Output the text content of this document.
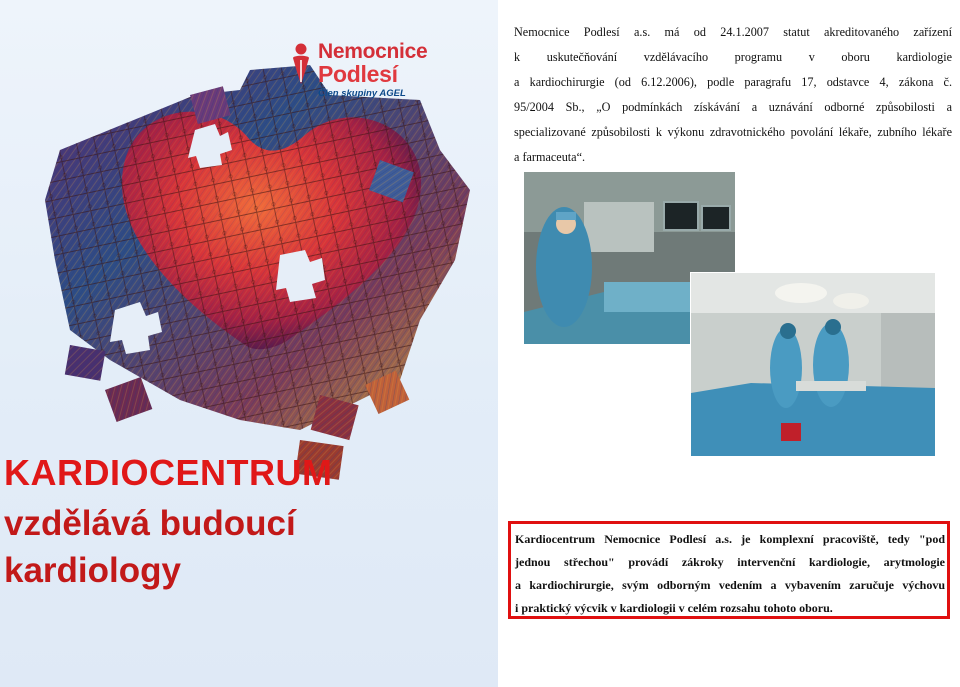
Nemocnice
Podlesí
Člen skupiny AGEL
KARDIOCENTRUM
vzdělává budoucí
kardiology
Nemocnice Podlesí a.s. má od 24.1.2007 statut akreditovaného zařízení
k uskutečňování vzdělávacího programu v oboru kardiologie
a kardiochirurgie (od 6.12.2006), podle paragrafu 17, odstavce 4, zákona č.
95/2004 Sb., „O podmínkách získávání a uznávání odborné způsobilosti a
specializované způsobilosti k výkonu zdravotnického povolání lékaře, zubního lékaře
a farmaceuta“.

Kardiocentrum Nemocnice Podlesí a.s. je komplexní pracoviště, tedy "pod

jednou střechou" provádí zákroky intervenční kardiologie, arytmologie

a kardiochirurgie, svým odborným vedením a vybavením zaručuje výchovu

i praktický výcvik v kardiologii v celém rozsahu tohoto oboru.
